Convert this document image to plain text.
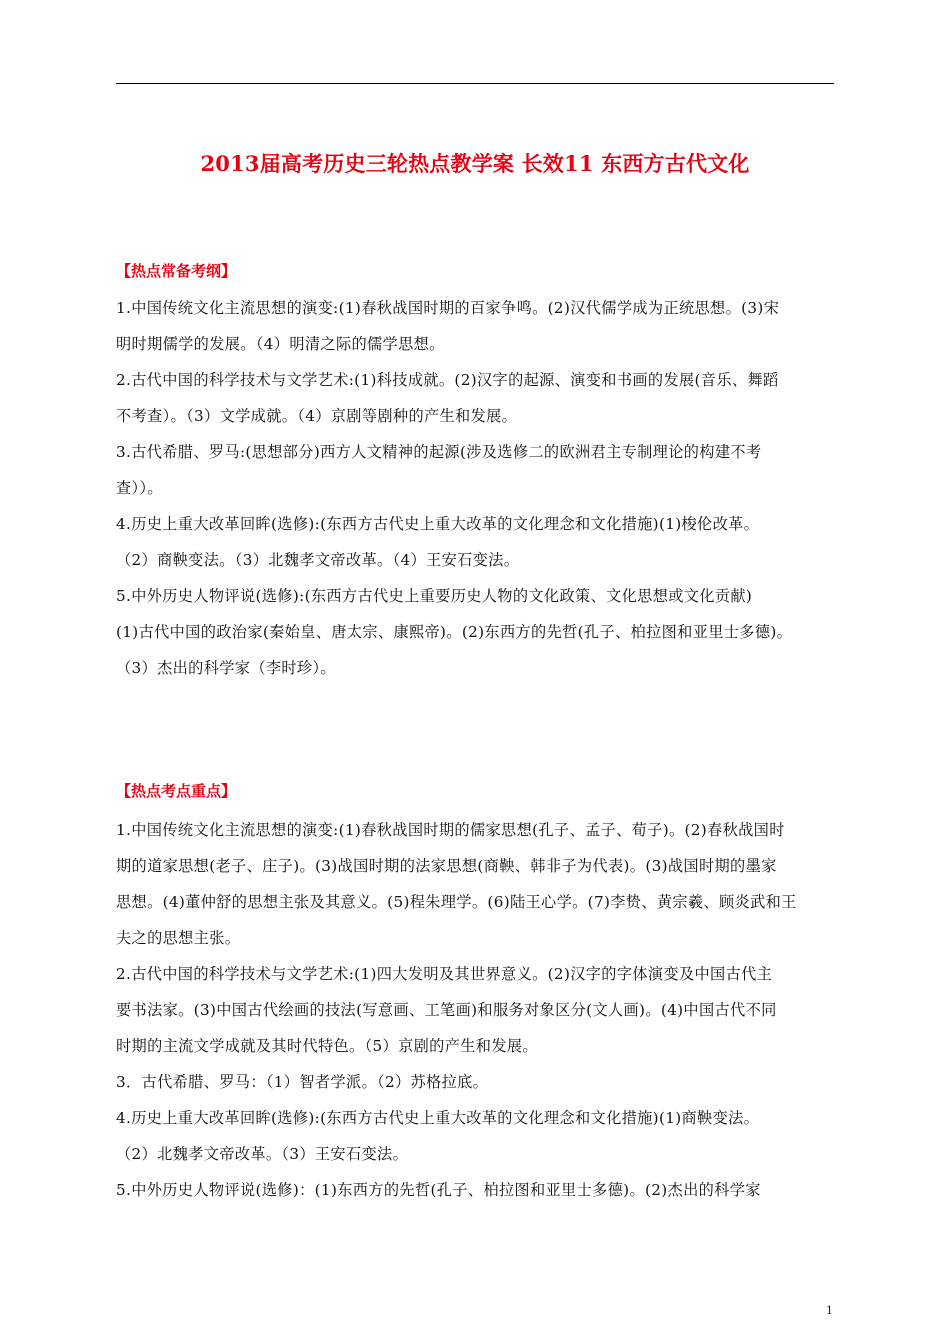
2013届高考历史三轮热点教学案 长效11 东西方古代文化
【热点常备考纲】

1.中国传统文化主流思想的演变:(1)春秋战国时期的百家争鸣。(2)汉代儒学成为正统思想。(3)宋

明时期儒学的发展。（4）明清之际的儒学思想。

2.古代中国的科学技术与文学艺术:(1)科技成就。(2)汉字的起源、演变和书画的发展(音乐、舞蹈

不考查）。（3）文学成就。（4）京剧等剧种的产生和发展。

3.古代希腊、罗马:(思想部分)西方人文精神的起源(涉及选修二的欧洲君主专制理论的构建不考

查））。

4.历史上重大改革回眸(选修):(东西方古代史上重大改革的文化理念和文化措施)(1)梭伦改革。

（2）商鞅变法。（3）北魏孝文帝改革。（4）王安石变法。

5.中外历史人物评说(选修):(东西方古代史上重要历史人物的文化政策、文化思想或文化贡献)

(1)古代中国的政治家(秦始皇、唐太宗、康熙帝)。(2)东西方的先哲(孔子、柏拉图和亚里士多德)。

（3）杰出的科学家（李时珍）。

【热点考点重点】

1.中国传统文化主流思想的演变:(1)春秋战国时期的儒家思想(孔子、孟子、荀子)。(2)春秋战国时

期的道家思想(老子、庄子)。(3)战国时期的法家思想(商鞅、韩非子为代表)。(3)战国时期的墨家

思想。(4)董仲舒的思想主张及其意义。(5)程朱理学。(6)陆王心学。(7)李贽、黄宗羲、顾炎武和王

夫之的思想主张。

2.古代中国的科学技术与文学艺术:(1)四大发明及其世界意义。(2)汉字的字体演变及中国古代主

要书法家。(3)中国古代绘画的技法(写意画、工笔画)和服务对象区分(文人画)。(4)中国古代不同

时期的主流文学成就及其时代特色。（5）京剧的产生和发展。

3．古代希腊、罗马：（1）智者学派。（2）苏格拉底。

4.历史上重大改革回眸(选修):(东西方古代史上重大改革的文化理念和文化措施)(1)商鞅变法。

（2）北魏孝文帝改革。（3）王安石变法。

5.中外历史人物评说(选修)：(1)东西方的先哲(孔子、柏拉图和亚里士多德)。(2)杰出的科学家

1
